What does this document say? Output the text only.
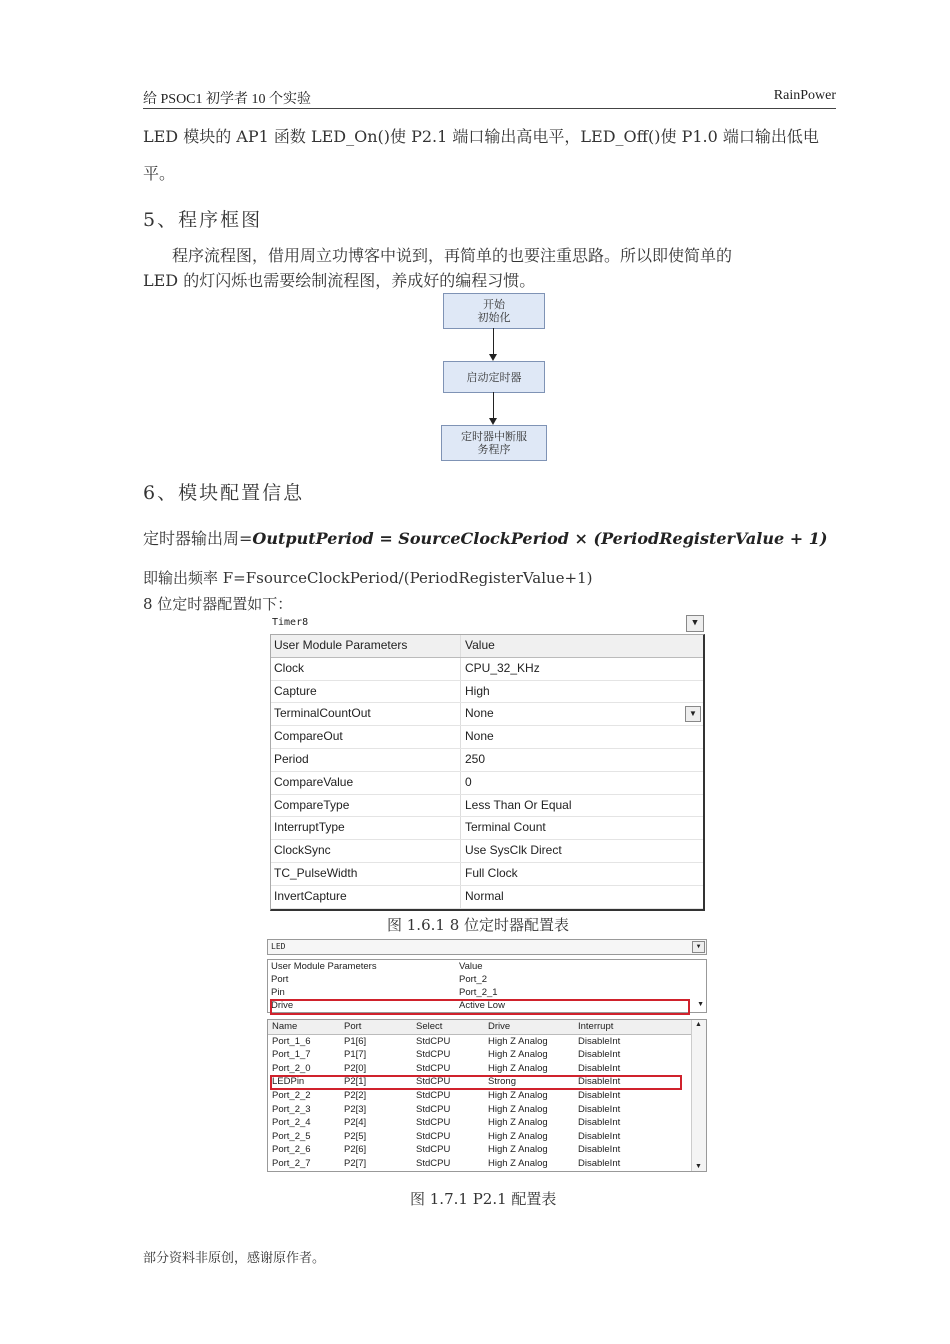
给 PSOC1 初学者 10 个实验	RainPower
LED 模块的 AP1 函数 LED_On()使 P2.1 端口输出高电平，LED_Off()使 P1.0 端口输出低电
平。
5、程序框图
程序流程图，借用周立功博客中说到，再简单的也要注重思路。所以即使简单的
LED 的灯闪烁也需要绘制流程图，养成好的编程习惯。
开始
初始化
启动定时器
定时器中断服
务程序
6、模块配置信息
定时器输出周=OutputPeriod = SourceClockPeriod × (PeriodRegisterValue + 1)
即输出频率 F=FsourceClockPeriod/(PeriodRegisterValue+1)
8 位定时器配置如下：
Timer8	▼
User Module Parameters	Value
Clock	CPU_32_KHz
Capture	High
TerminalCountOut	None	▼
CompareOut	None
Period	250
CompareValue	0
CompareType	Less Than Or Equal
InterruptType	Terminal Count
ClockSync	Use SysClk Direct
TC_PulseWidth	Full Clock
InvertCapture	Normal
图 1.6.1 8 位定时器配置表
LED	▼
User Module Parameters	Value
Port	Port_2
Pin	Port_2_1
Drive	Active Low	▼
Name	Port	Select	Drive	Interrupt
Port_1_6	P1[6]	StdCPU	High Z Analog	DisableInt
Port_1_7	P1[7]	StdCPU	High Z Analog	DisableInt
Port_2_0	P2[0]	StdCPU	High Z Analog	DisableInt
LEDPin	P2[1]	StdCPU	Strong	DisableInt
Port_2_2	P2[2]	StdCPU	High Z Analog	DisableInt
Port_2_3	P2[3]	StdCPU	High Z Analog	DisableInt
Port_2_4	P2[4]	StdCPU	High Z Analog	DisableInt
Port_2_5	P2[5]	StdCPU	High Z Analog	DisableInt
Port_2_6	P2[6]	StdCPU	High Z Analog	DisableInt
Port_2_7	P2[7]	StdCPU	High Z Analog	DisableInt
▲
▼
图 1.7.1 P2.1 配置表
部分资料非原创，感谢原作者。
